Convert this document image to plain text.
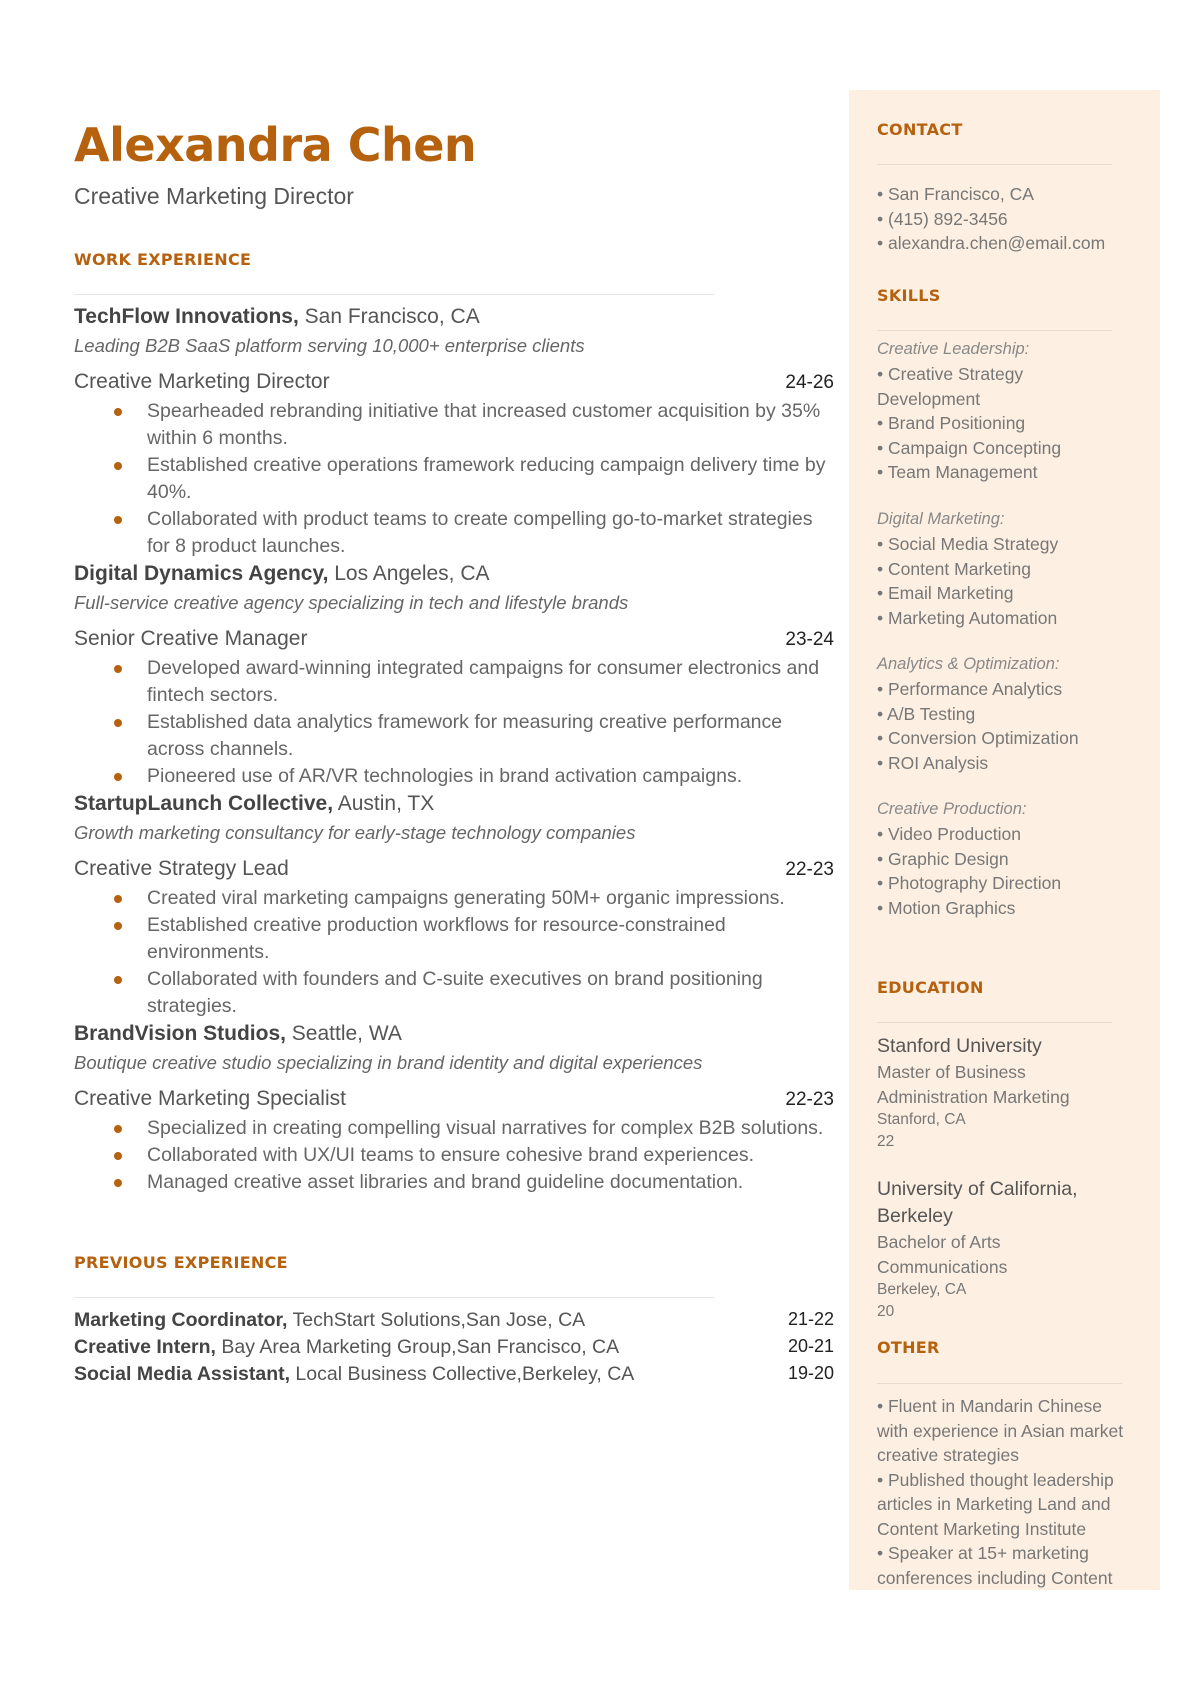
Alexandra Chen
Creative Marketing Director
WORK EXPERIENCE
TechFlow Innovations, San Francisco, CA
Leading B2B SaaS platform serving 10,000+ enterprise clients
Creative Marketing Director	24-26
Spearheaded rebranding initiative that increased customer acquisition by 35% within 6 months.
Established creative operations framework reducing campaign delivery time by 40%.
Collaborated with product teams to create compelling go-to-market strategies for 8 product launches.
Digital Dynamics Agency, Los Angeles, CA
Full-service creative agency specializing in tech and lifestyle brands
Senior Creative Manager	23-24
Developed award-winning integrated campaigns for consumer electronics and fintech sectors.
Established data analytics framework for measuring creative performance across channels.
Pioneered use of AR/VR technologies in brand activation campaigns.
StartupLaunch Collective, Austin, TX
Growth marketing consultancy for early-stage technology companies
Creative Strategy Lead	22-23
Created viral marketing campaigns generating 50M+ organic impressions.
Established creative production workflows for resource-constrained environments.
Collaborated with founders and C-suite executives on brand positioning strategies.
BrandVision Studios, Seattle, WA
Boutique creative studio specializing in brand identity and digital experiences
Creative Marketing Specialist	22-23
Specialized in creating compelling visual narratives for complex B2B solutions.
Collaborated with UX/UI teams to ensure cohesive brand experiences.
Managed creative asset libraries and brand guideline documentation.
PREVIOUS EXPERIENCE
Marketing Coordinator, TechStart Solutions,San Jose, CA	21-22
Creative Intern, Bay Area Marketing Group,San Francisco, CA	20-21
Social Media Assistant, Local Business Collective,Berkeley, CA	19-20
CONTACT
• San Francisco, CA
• (415) 892-3456
• alexandra.chen@email.com
SKILLS
Creative Leadership:
• Creative Strategy Development
• Brand Positioning
• Campaign Concepting
• Team Management
Digital Marketing:
• Social Media Strategy
• Content Marketing
• Email Marketing
• Marketing Automation
Analytics & Optimization:
• Performance Analytics
• A/B Testing
• Conversion Optimization
• ROI Analysis
Creative Production:
• Video Production
• Graphic Design
• Photography Direction
• Motion Graphics
EDUCATION
Stanford University
Master of Business Administration Marketing
Stanford, CA
22
University of California, Berkeley
Bachelor of Arts Communications
Berkeley, CA
20
OTHER
• Fluent in Mandarin Chinese with experience in Asian market creative strategies
• Published thought leadership articles in Marketing Land and Content Marketing Institute
• Speaker at 15+ marketing conferences including Content
